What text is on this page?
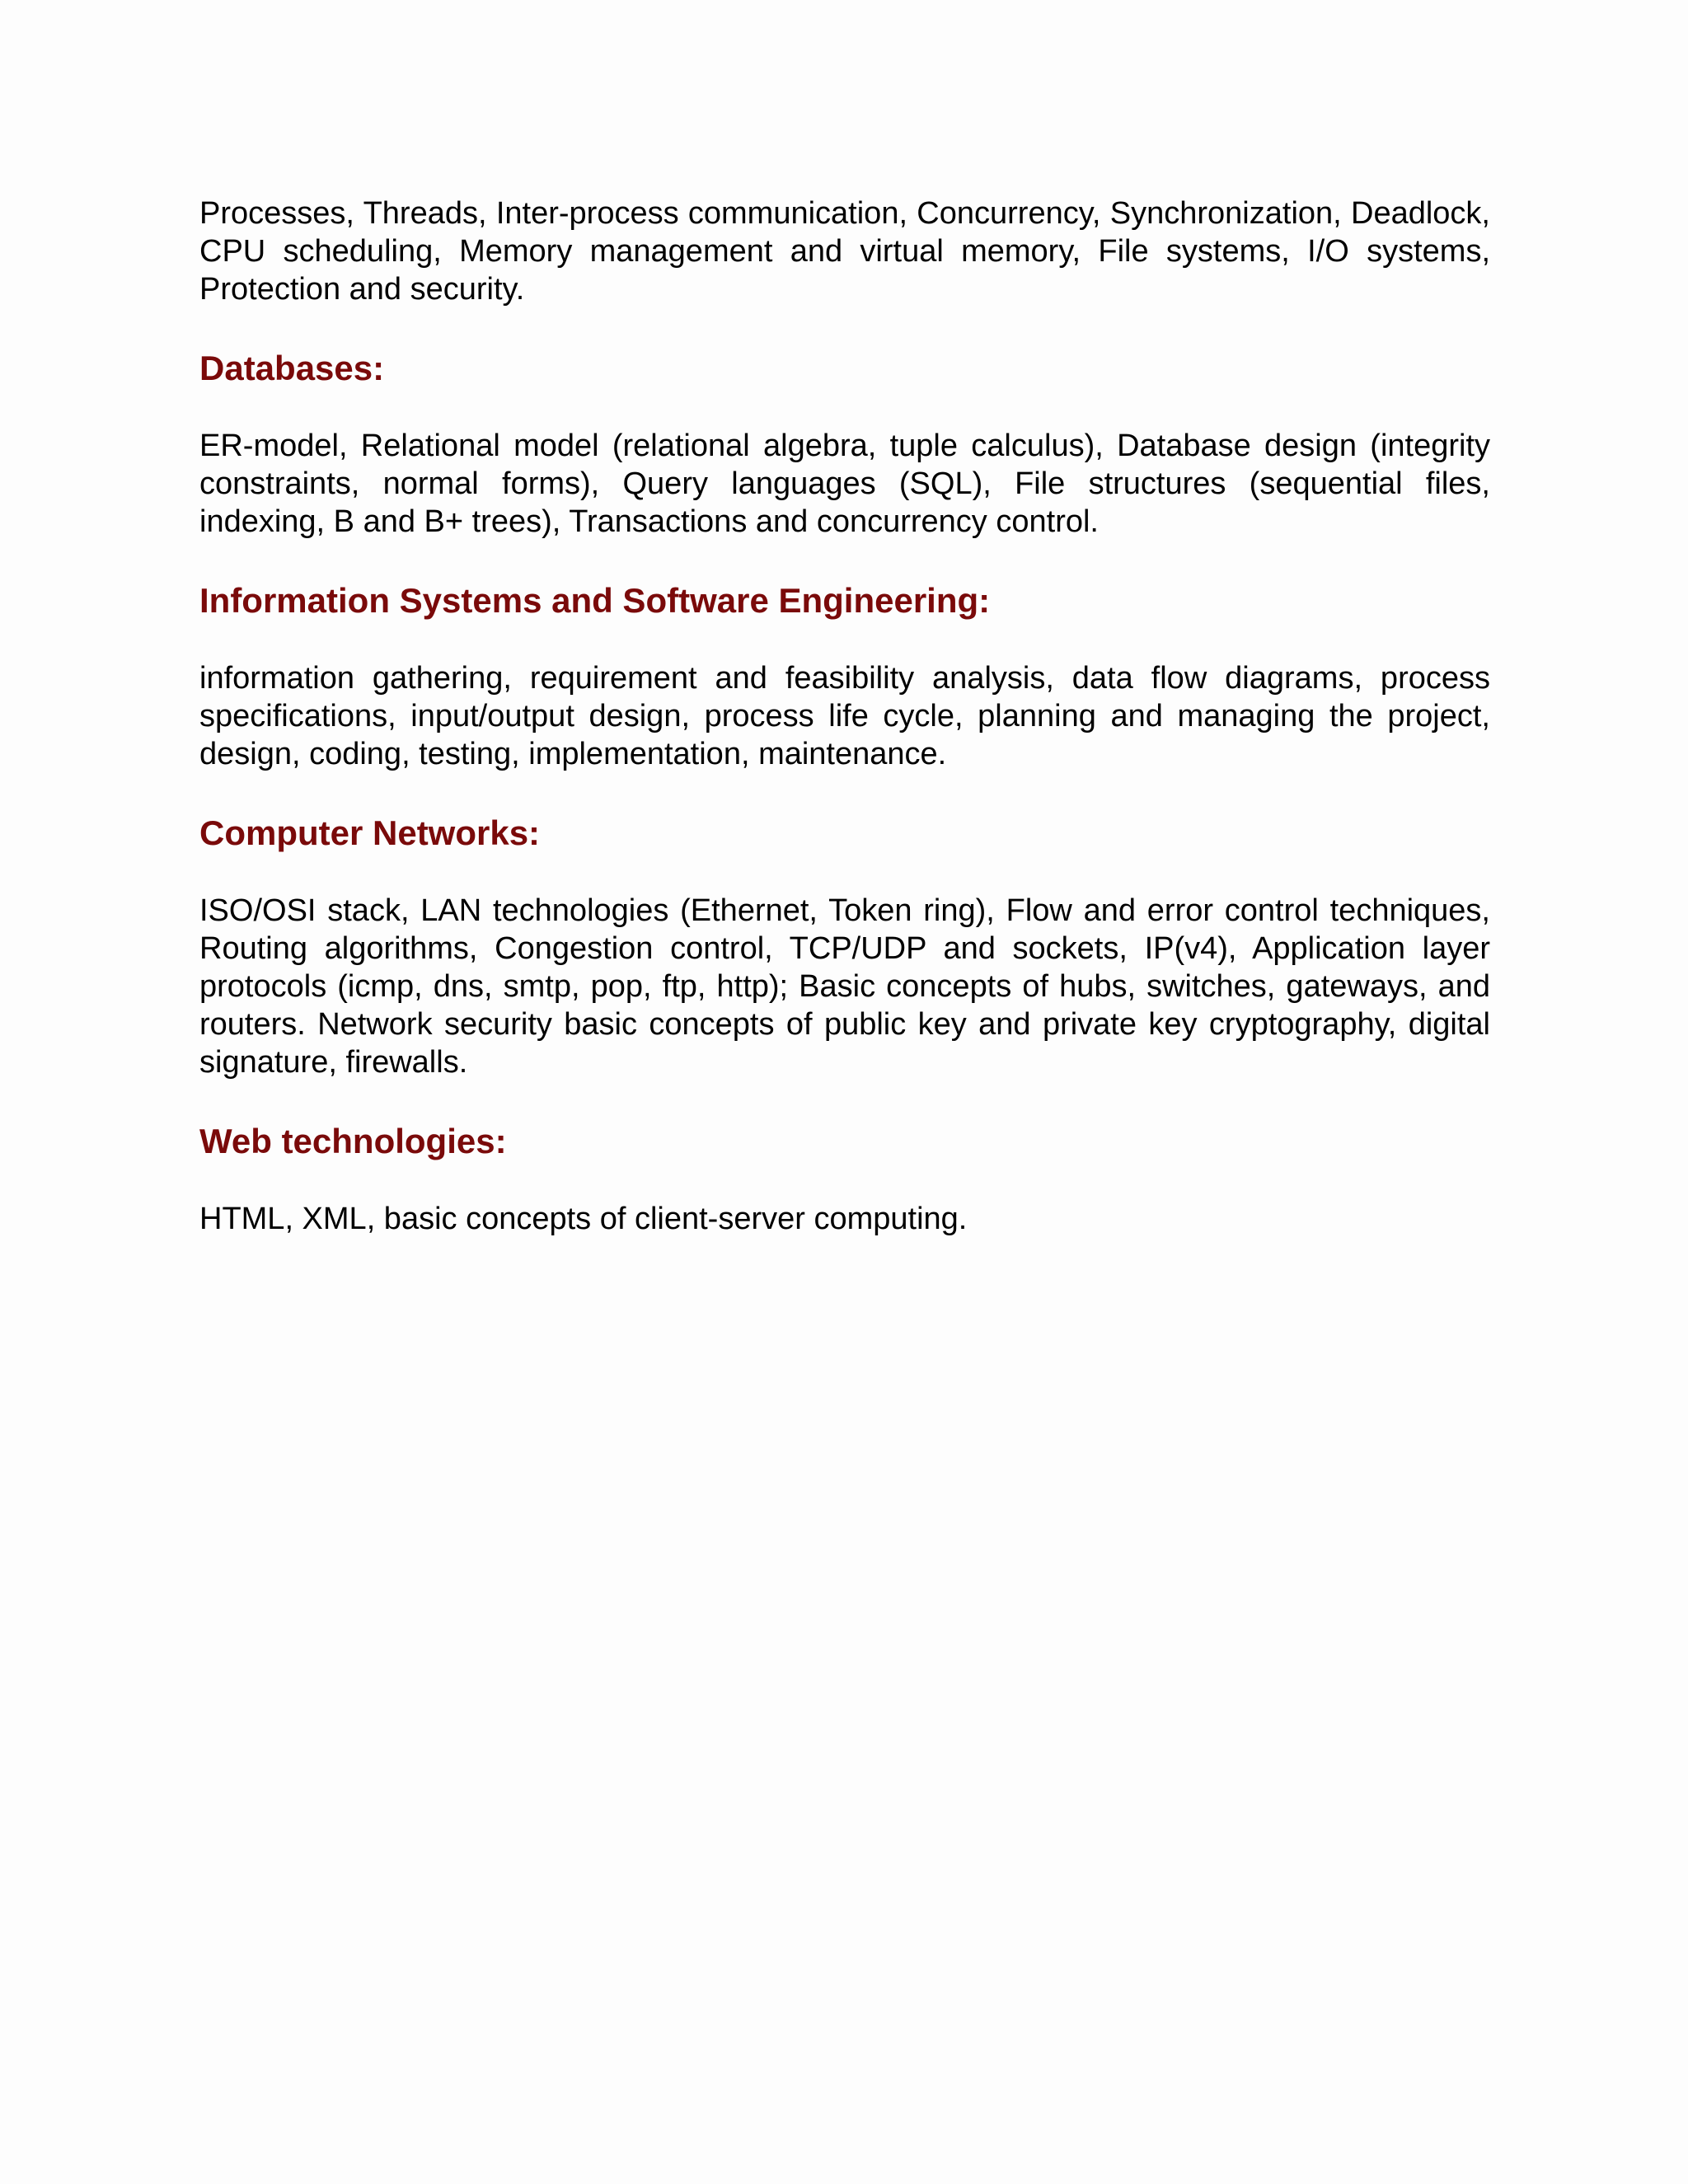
Processes, Threads, Inter-process communication, Concurrency, Synchronization, Deadlock, CPU scheduling, Memory management and virtual memory, File systems, I/O systems, Protection and security.

Databases:

ER-model, Relational model (relational algebra, tuple calculus), Database design (integrity constraints, normal forms), Query languages (SQL), File structures (sequential files, indexing, B and B+ trees), Transactions and concurrency control.

Information Systems and Software Engineering:

information gathering, requirement and feasibility analysis, data flow diagrams, process specifications, input/output design, process life cycle, planning and managing the project, design, coding, testing, implementation, maintenance.

Computer Networks:

ISO/OSI stack, LAN technologies (Ethernet, Token ring), Flow and error control techniques, Routing algorithms, Congestion control, TCP/UDP and sockets, IP(v4), Application layer protocols (icmp, dns, smtp, pop, ftp, http); Basic concepts of hubs, switches, gateways, and routers. Network security basic concepts of public key and private key cryptography, digital signature, firewalls.

Web technologies:

HTML, XML, basic concepts of client-server computing.
